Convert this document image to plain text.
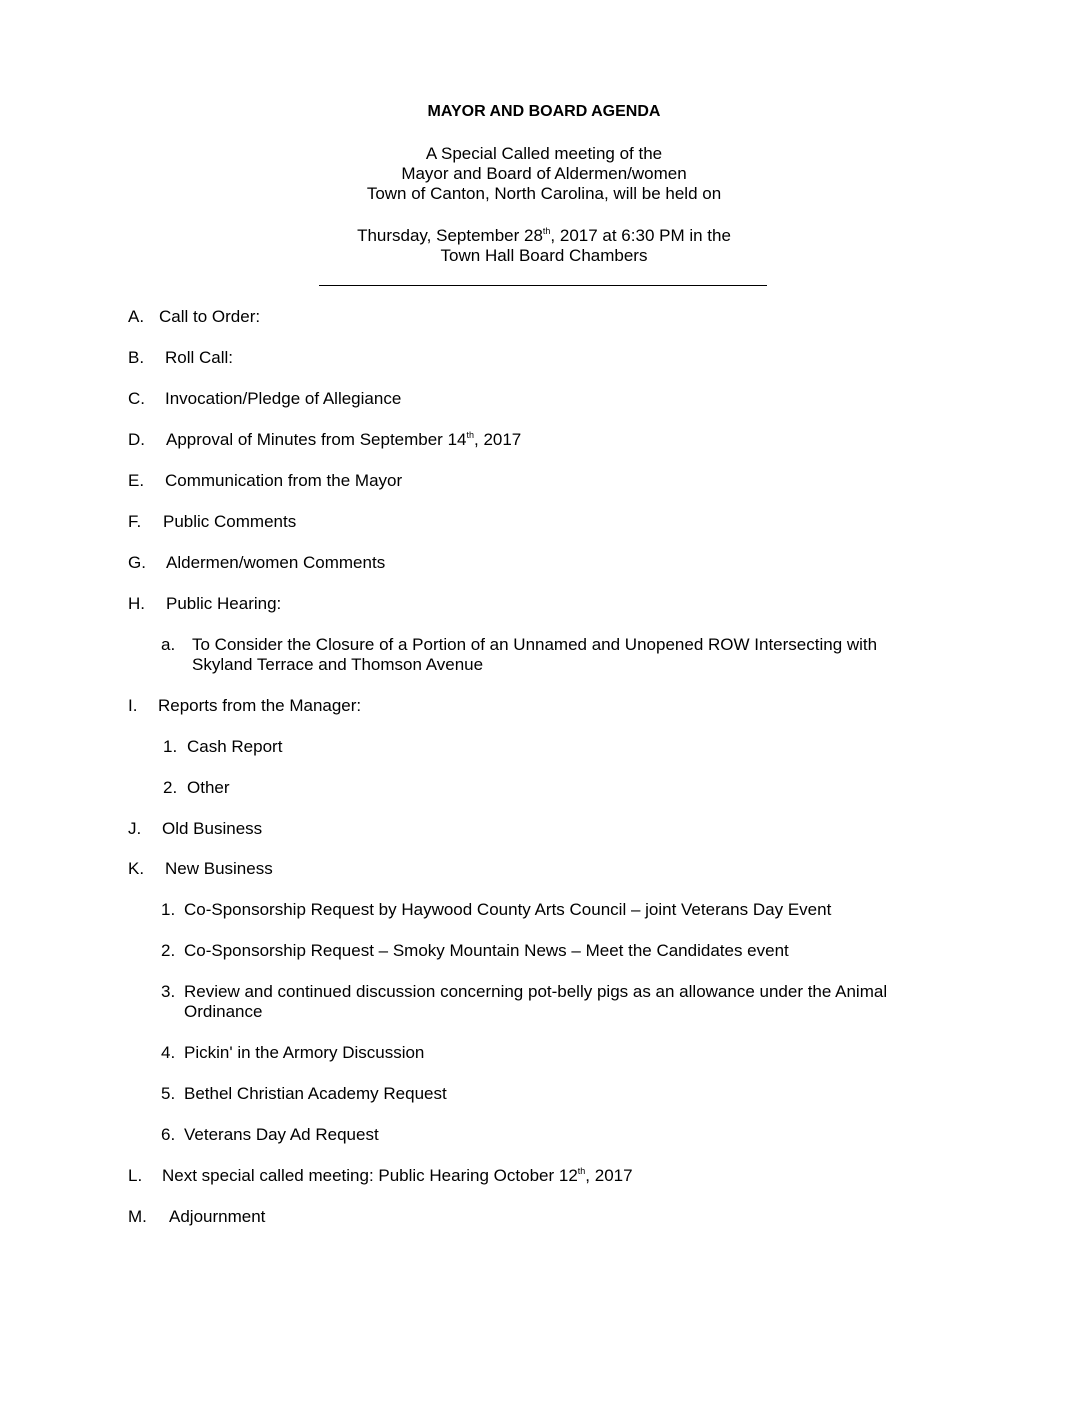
MAYOR AND BOARD AGENDA
A Special Called meeting of the
Mayor and Board of Aldermen/women
Town of Canton, North Carolina, will be held on
Thursday, September 28th, 2017 at 6:30 PM in the
Town Hall Board Chambers
A. Call to Order:
B. Roll Call:
C. Invocation/Pledge of Allegiance
D. Approval of Minutes from September 14th, 2017
E. Communication from the Mayor
F. Public Comments
G. Aldermen/women Comments
H. Public Hearing:
a. To Consider the Closure of a Portion of an Unnamed and Unopened ROW Intersecting with
Skyland Terrace and Thomson Avenue
I. Reports from the Manager:
1. Cash Report
2. Other
J. Old Business
K. New Business
1. Co-Sponsorship Request by Haywood County Arts Council – joint Veterans Day Event
2. Co-Sponsorship Request – Smoky Mountain News – Meet the Candidates event
3. Review and continued discussion concerning pot-belly pigs as an allowance under the Animal
Ordinance
4. Pickin' in the Armory Discussion
5. Bethel Christian Academy Request
6. Veterans Day Ad Request
L. Next special called meeting: Public Hearing October 12th, 2017
M. Adjournment
